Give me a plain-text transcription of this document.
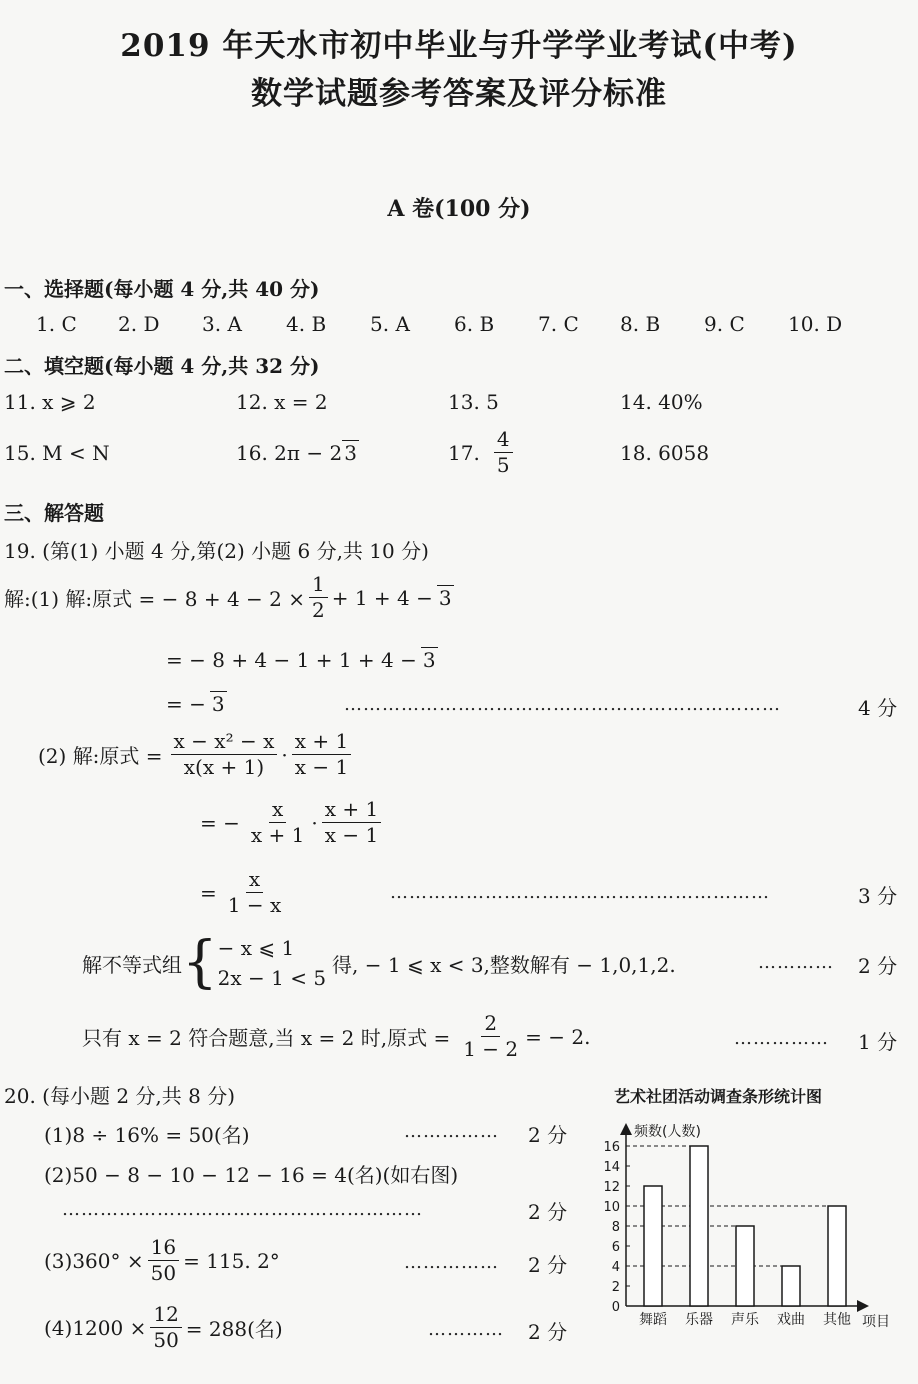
2019 年天水市初中毕业与升学学业考试(中考)
数学试题参考答案及评分标准
A 卷(100 分)
一、选择题(每小题 4 分,共 40 分)
1. C 2. D 3. A 4. B 5. A 6. B 7. C 8. B 9. C 10. D
二、填空题(每小题 4 分,共 32 分)
11. x ⩾ 2	12. x = 2	13. 5	14. 40%
15. M < N	16. 2π − 2 3	17. $\frac{4}{5}$	18. 6058
三、解答题
19. (第(1) 小题 4 分,第(2) 小题 6 分,共 10 分)
解:(1) 解:原式 = − $8 + 4 - 2 \times \frac{1}{2} + 1 + 4 - 3$
= − 8 + 4 − 1 + 1 + 4 − 3
= − 3	……………………………………………………………	4 分
(2) 解:原式 = $\frac{\text{x − x² − x}}{x(x + 1)} \cdot \frac{x + 1}{x - 1}$
= − $\frac{x}{x + 1} \cdot \frac{x + 1}{x - 1}$
= $\frac{x}{1 - x}$	……………………………………………………	3 分
解不等式组 { − x ⩽ 1
2x − 1 < 5
得, − 1 ⩽ x < 3,整数解有 − 1,0,1,2.	………… 2 分
只有 x = 2 符合题意,当 x = 2 时,原式 = $\frac{2}{1 - 2}$ = − 2.	…………… 1 分
20. (每小题 2 分,共 8 分)
(1)8 ÷ 16% = 50(名)	…………… 2 分
(2)50 − 8 − 10 − 12 − 16 = 4(名)(如右图)
…………………………………………………	2 分
$(3)360^\circ \times \frac{16}{50} = 115$. 2°	…………… 2 分
$(4)1200 \times \frac{12}{50} = 288$(名)	………… 2 分
艺术社团活动调查条形统计图
频数(人数)
项目
0
2
4
6
8
10
12
14
16
舞蹈 乐器 声乐 戏曲 其他
